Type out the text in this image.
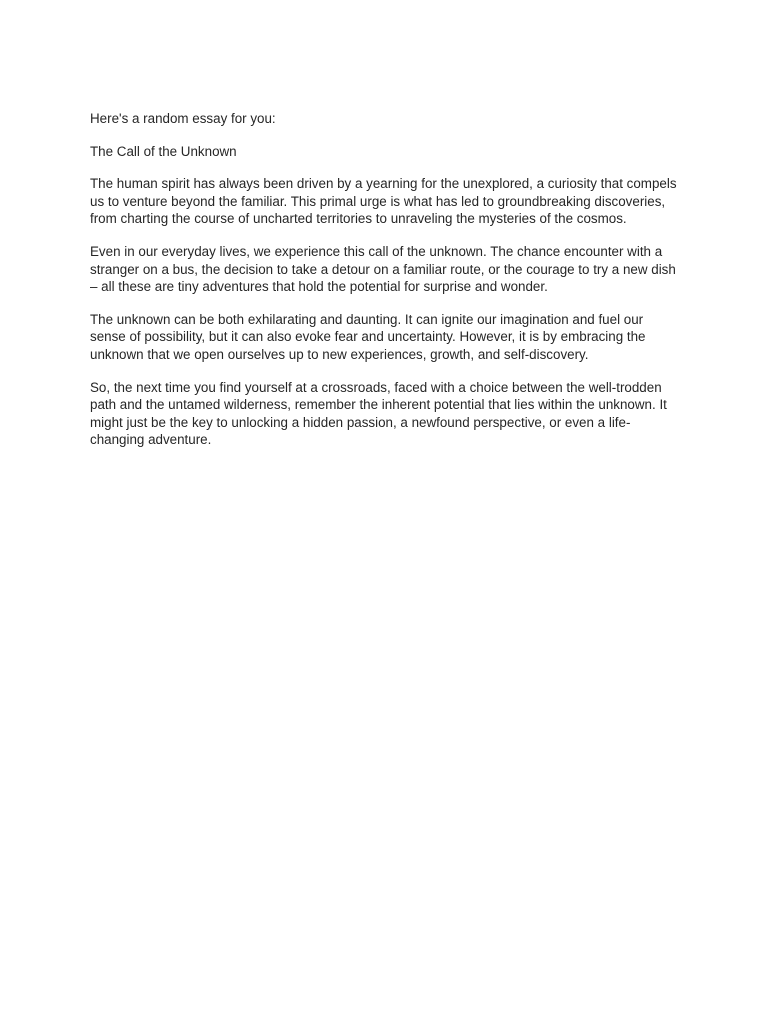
Here's a random essay for you:

The Call of the Unknown

The human spirit has always been driven by a yearning for the unexplored, a curiosity that compels us to venture beyond the familiar. This primal urge is what has led to groundbreaking discoveries, from charting the course of uncharted territories to unraveling the mysteries of the cosmos.

Even in our everyday lives, we experience this call of the unknown. The chance encounter with a stranger on a bus, the decision to take a detour on a familiar route, or the courage to try a new dish – all these are tiny adventures that hold the potential for surprise and wonder.

The unknown can be both exhilarating and daunting. It can ignite our imagination and fuel our sense of possibility, but it can also evoke fear and uncertainty. However, it is by embracing the unknown that we open ourselves up to new experiences, growth, and self-discovery.

So, the next time you find yourself at a crossroads, faced with a choice between the well-trodden path and the untamed wilderness, remember the inherent potential that lies within the unknown. It might just be the key to unlocking a hidden passion, a newfound perspective, or even a life-changing adventure.
